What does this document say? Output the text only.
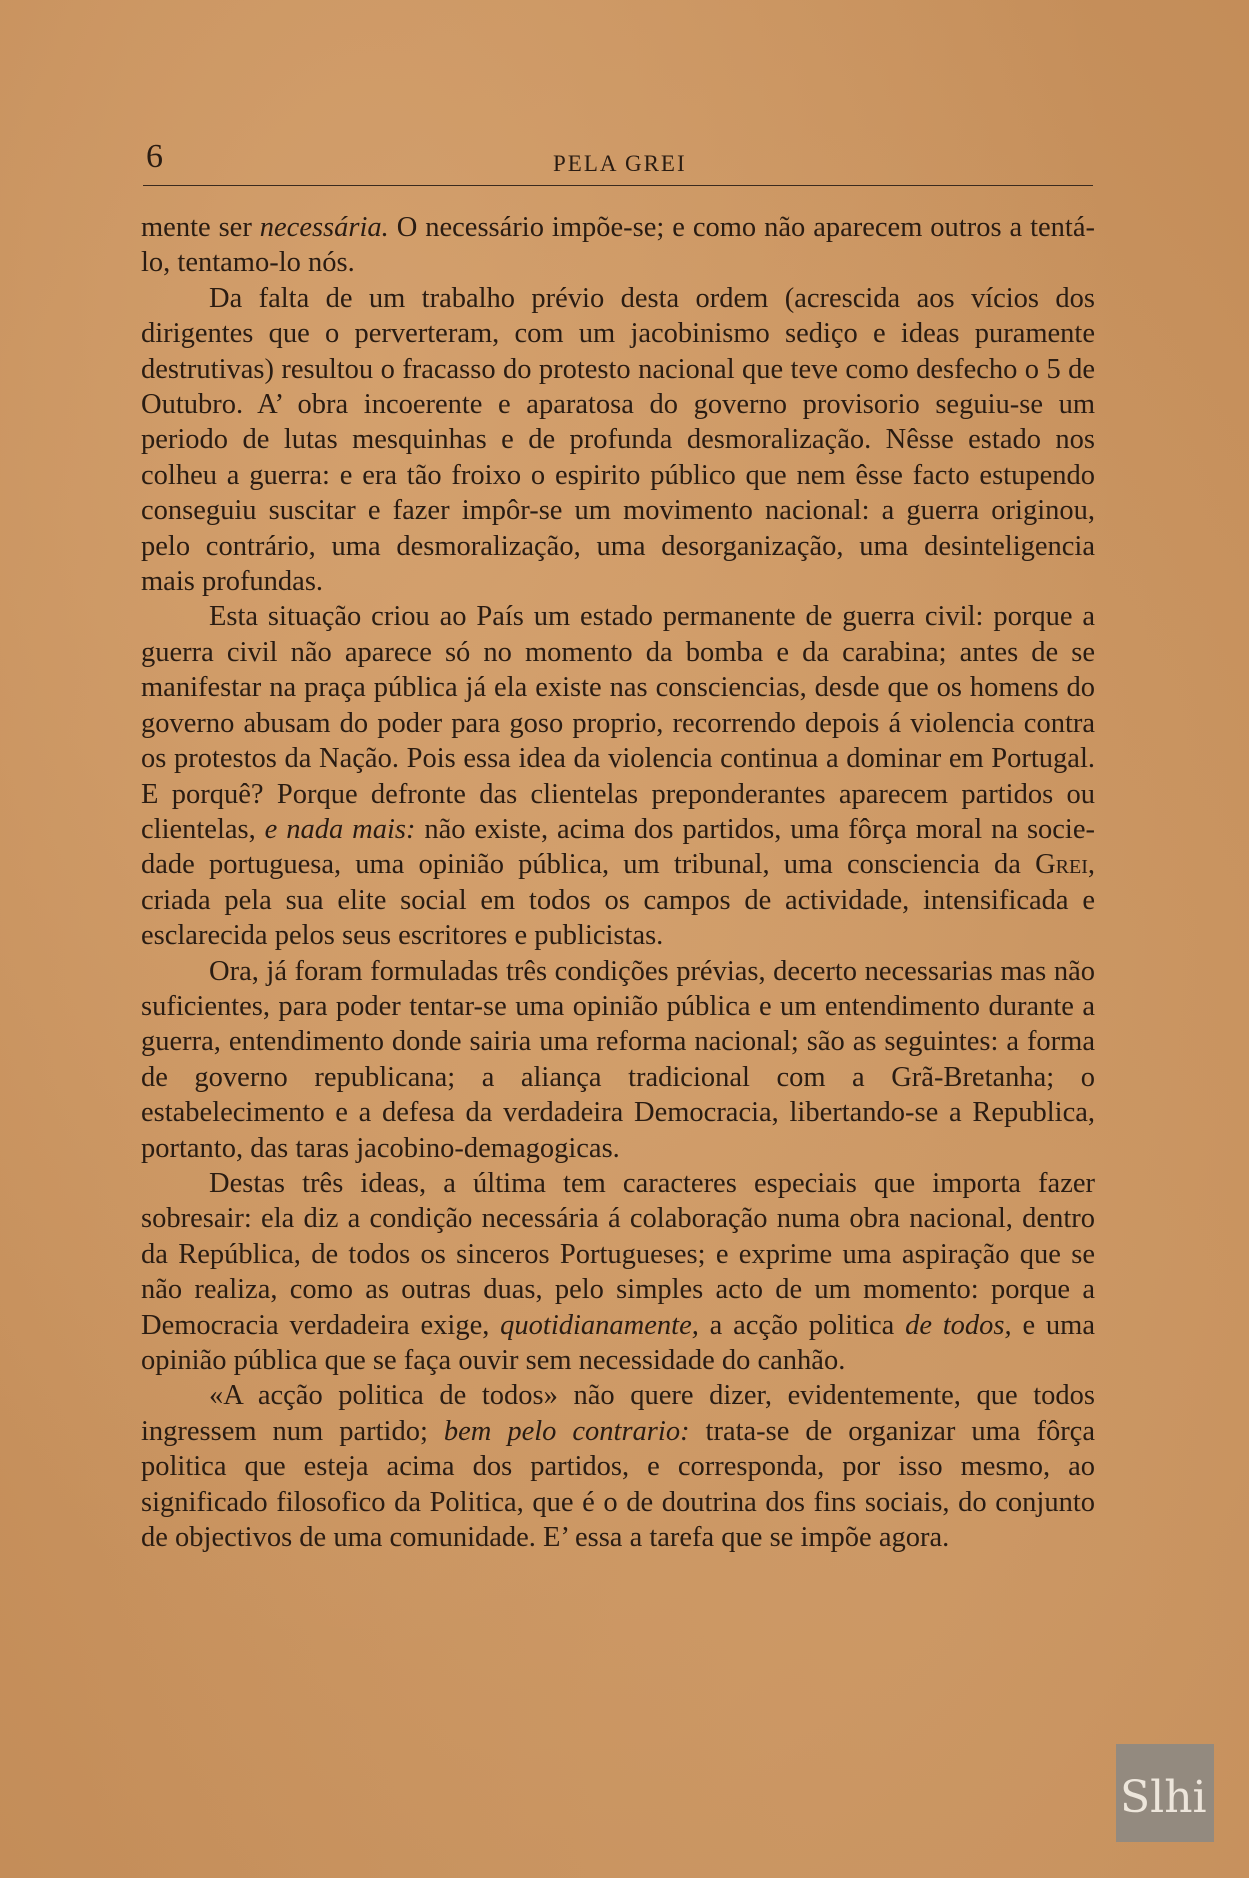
6	PELA GREI

mente ser necessária. O necessário impõe-se; e como não aparecem outros a tentá-lo, tentamo-lo nós.

Da falta de um trabalho prévio desta ordem (acrescida aos vícios dos dirigentes que o perverteram, com um jacobinismo sediço e ideas puramente destrutivas) resultou o fracasso do protesto nacional que teve como desfecho o 5 de Outubro. A’ obra incoerente e aparatosa do governo provisorio seguiu-se um periodo de lutas mesquinhas e de profunda desmoralização. Nêsse estado nos colheu a guerra: e era tão froixo o espirito público que nem êsse facto estupendo conseguiu suscitar e fazer impôr-se um movimento nacional: a guerra originou, pelo contrário, uma desmoralização, uma desorganização, uma desinteligencia mais profundas.

Esta situação criou ao País um estado permanente de guerra civil: porque a guerra civil não aparece só no momento da bomba e da carabina; antes de se manifestar na praça pública já ela existe nas consciencias, desde que os homens do governo abusam do poder para goso proprio, recorrendo depois á violencia contra os protestos da Nação. Pois essa idea da violencia continua a dominar em Portugal. E porquê? Porque defronte das clientelas preponderantes aparecem partidos ou clientelas, e nada mais: não existe, acima dos partidos, uma fôrça moral na sociedade portuguesa, uma opinião pública, um tribunal, uma consciencia da Grei, criada pela sua elite social em todos os campos de actividade, intensificada e esclarecida pelos seus escritores e publicistas.

Ora, já foram formuladas três condições prévias, decerto necessarias mas não suficientes, para poder tentar-se uma opinião pública e um entendimento durante a guerra, entendimento donde sairia uma reforma nacional; são as seguintes: a forma de governo republicana; a aliança tradicional com a Grã-Bretanha; o estabelecimento e a defesa da verdadeira Democracia, libertando-se a Republica, portanto, das taras jacobino-demagogicas.

Destas três ideas, a última tem caracteres especiais que importa fazer sobresair: ela diz a condição necessária á colaboração numa obra nacional, dentro da República, de todos os sinceros Portugueses; e exprime uma aspiração que se não realiza, como as outras duas, pelo simples acto de um momento: porque a Democracia verdadeira exige, quotidianamente, a acção politica de todos, e uma opinião pública que se faça ouvir sem necessidade do canhão.

«A acção politica de todos» não quere dizer, evidentemente, que todos ingressem num partido; bem pelo contrario: trata-se de organizar uma fôrça politica que esteja acima dos partidos, e corresponda, por isso mesmo, ao significado filosofico da Politica, que é o de doutrina dos fins sociais, do conjunto de objectivos de uma comunidade. E’ essa a tarefa que se impõe agora.

Slhi
